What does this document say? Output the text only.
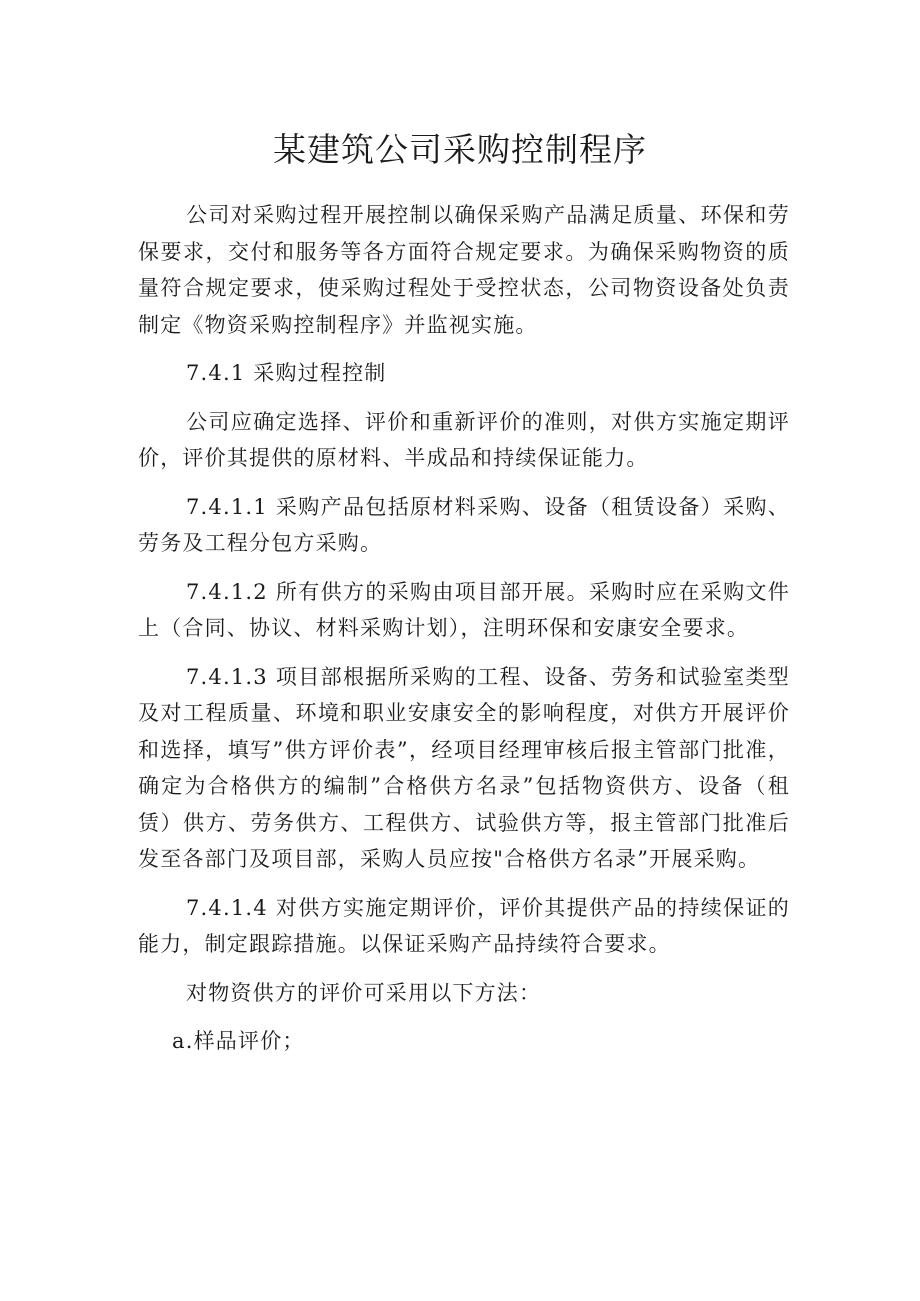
某建筑公司采购控制程序

公司对采购过程开展控制以确保采购产品满足质量、环保和劳保要求，交付和服务等各方面符合规定要求。为确保采购物资的质量符合规定要求，使采购过程处于受控状态，公司物资设备处负责制定《物资采购控制程序》并监视实施。

7.4.1 采购过程控制

公司应确定选择、评价和重新评价的准则，对供方实施定期评价，评价其提供的原材料、半成品和持续保证能力。

7.4.1.1 采购产品包括原材料采购、设备（租赁设备）采购、劳务及工程分包方采购。

7.4.1.2 所有供方的采购由项目部开展。采购时应在采购文件上（合同、协议、材料采购计划），注明环保和安康安全要求。

7.4.1.3 项目部根据所采购的工程、设备、劳务和试验室类型及对工程质量、环境和职业安康安全的影响程度，对供方开展评价和选择，填写”供方评价表”，经项目经理审核后报主管部门批准，确定为合格供方的编制”合格供方名录”包括物资供方、设备（租赁）供方、劳务供方、工程供方、试验供方等，报主管部门批准后发至各部门及项目部，采购人员应按"合格供方名录”开展采购。

7.4.1.4 对供方实施定期评价，评价其提供产品的持续保证的能力，制定跟踪措施。以保证采购产品持续符合要求。

对物资供方的评价可采用以下方法：

a.样品评价；
